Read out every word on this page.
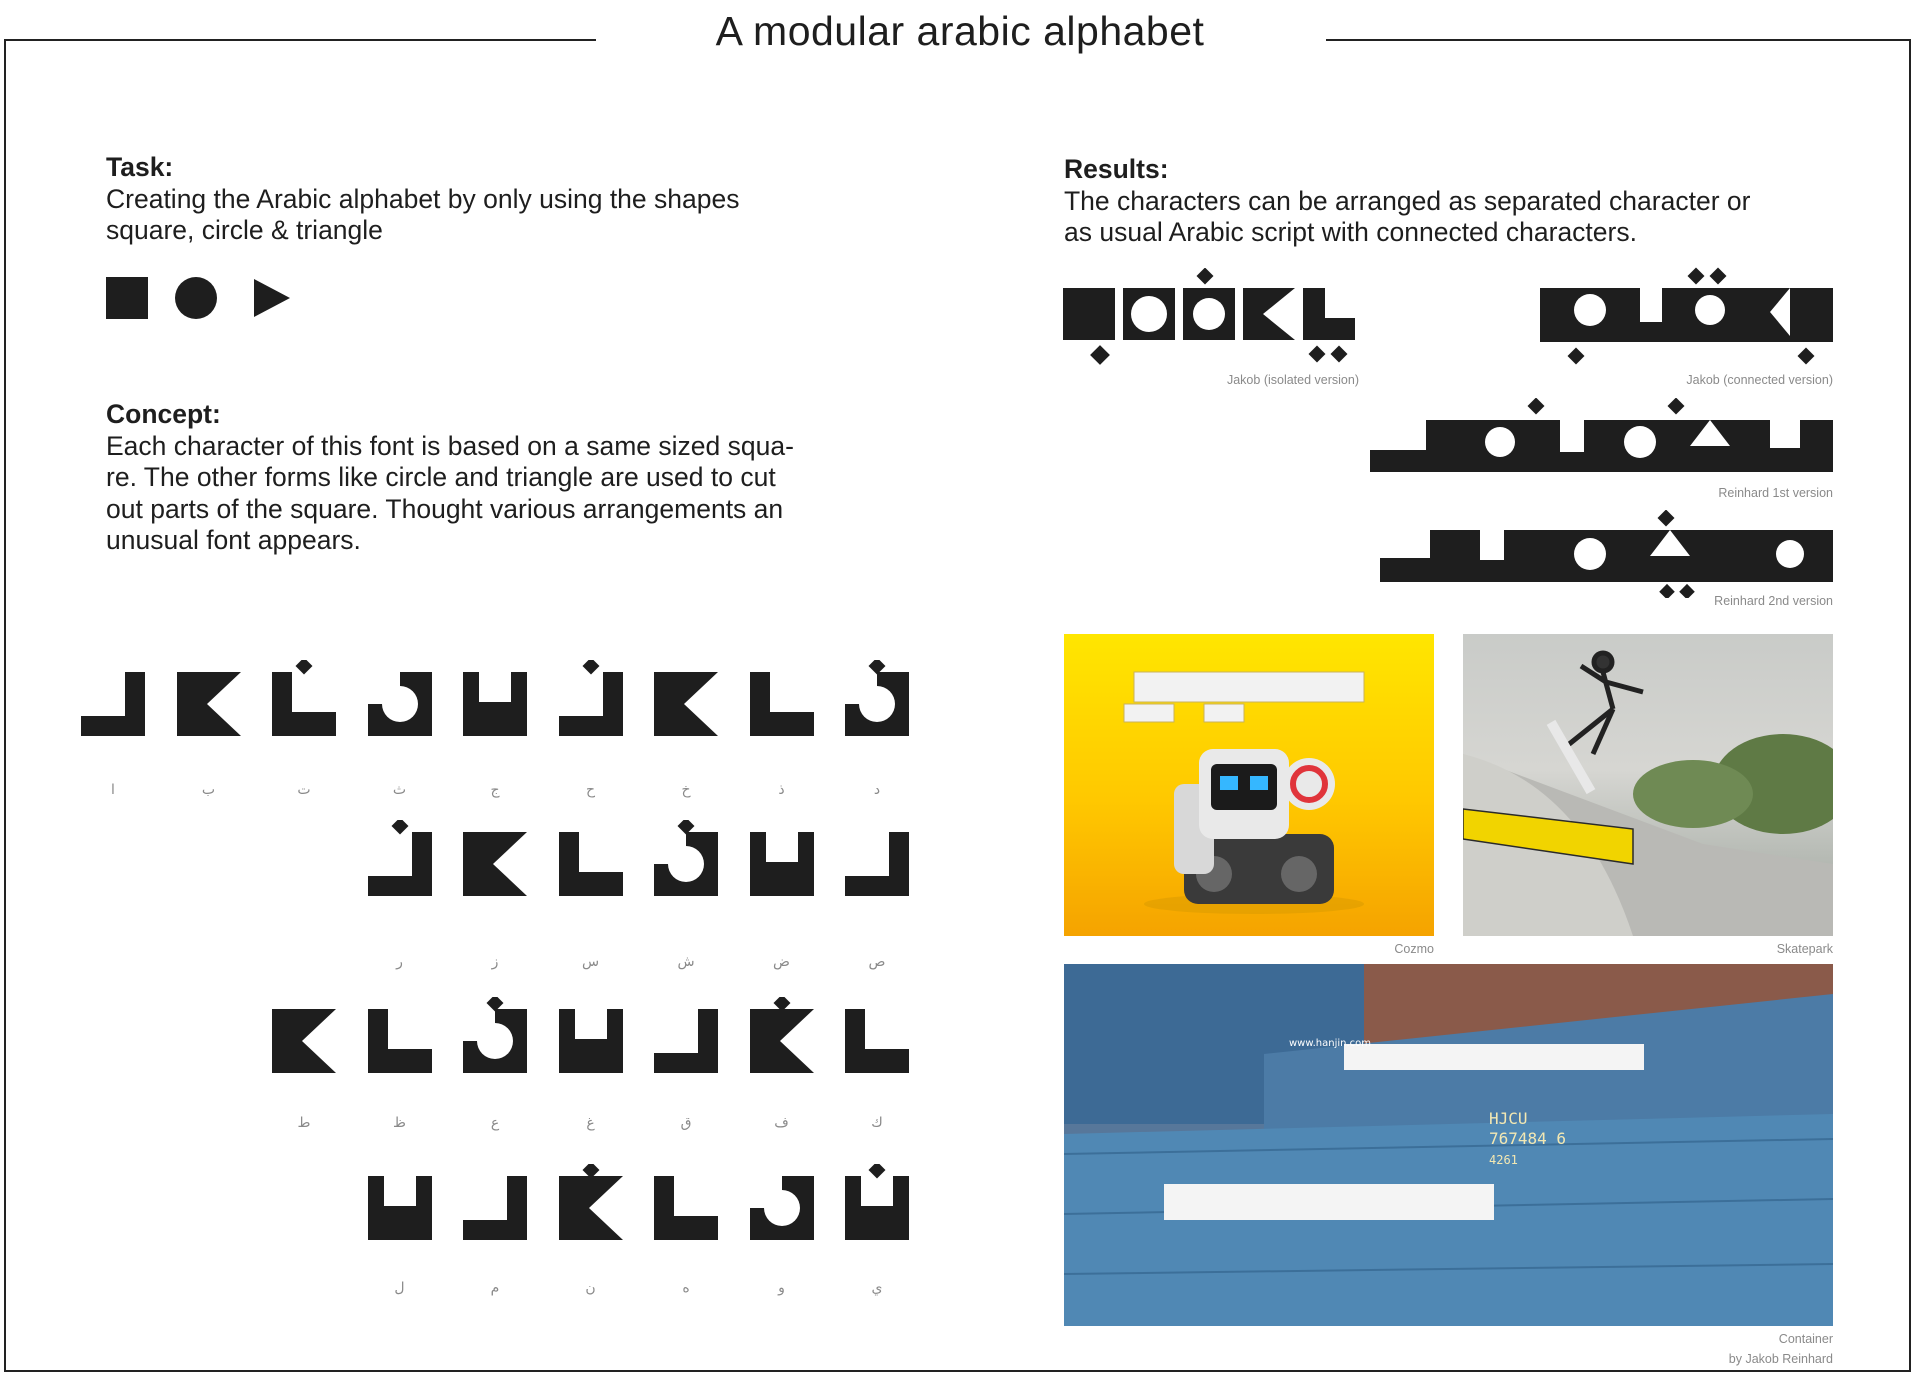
A modular arabic alphabet
Task:
Creating the Arabic alphabet by only using the shapes
square, circle & triangle
Concept:
Each character of this font is based on a same sized squa-
re. The other forms like circle and triangle are used to cut
out parts of the square. Thought various arrangements an
unusual font appears.
د
ذ
خ
ح
ج
ث
ت
ب
ا
ص
ض
ش
س
ز
ر
ك
ف
ق
غ
ع
ظ
ط
ي
و
ه
ن
م
ل
Results:
The characters can be arranged as separated character or
as usual Arabic script with connected characters.
Jakob (isolated version)	Jakob (connected version)
Reinhard 1st version
Reinhard 2nd version
Cozmo	Skatepark
HJCU
767484 6
4261
www.hanjin.com
Container
by Jakob Reinhard
